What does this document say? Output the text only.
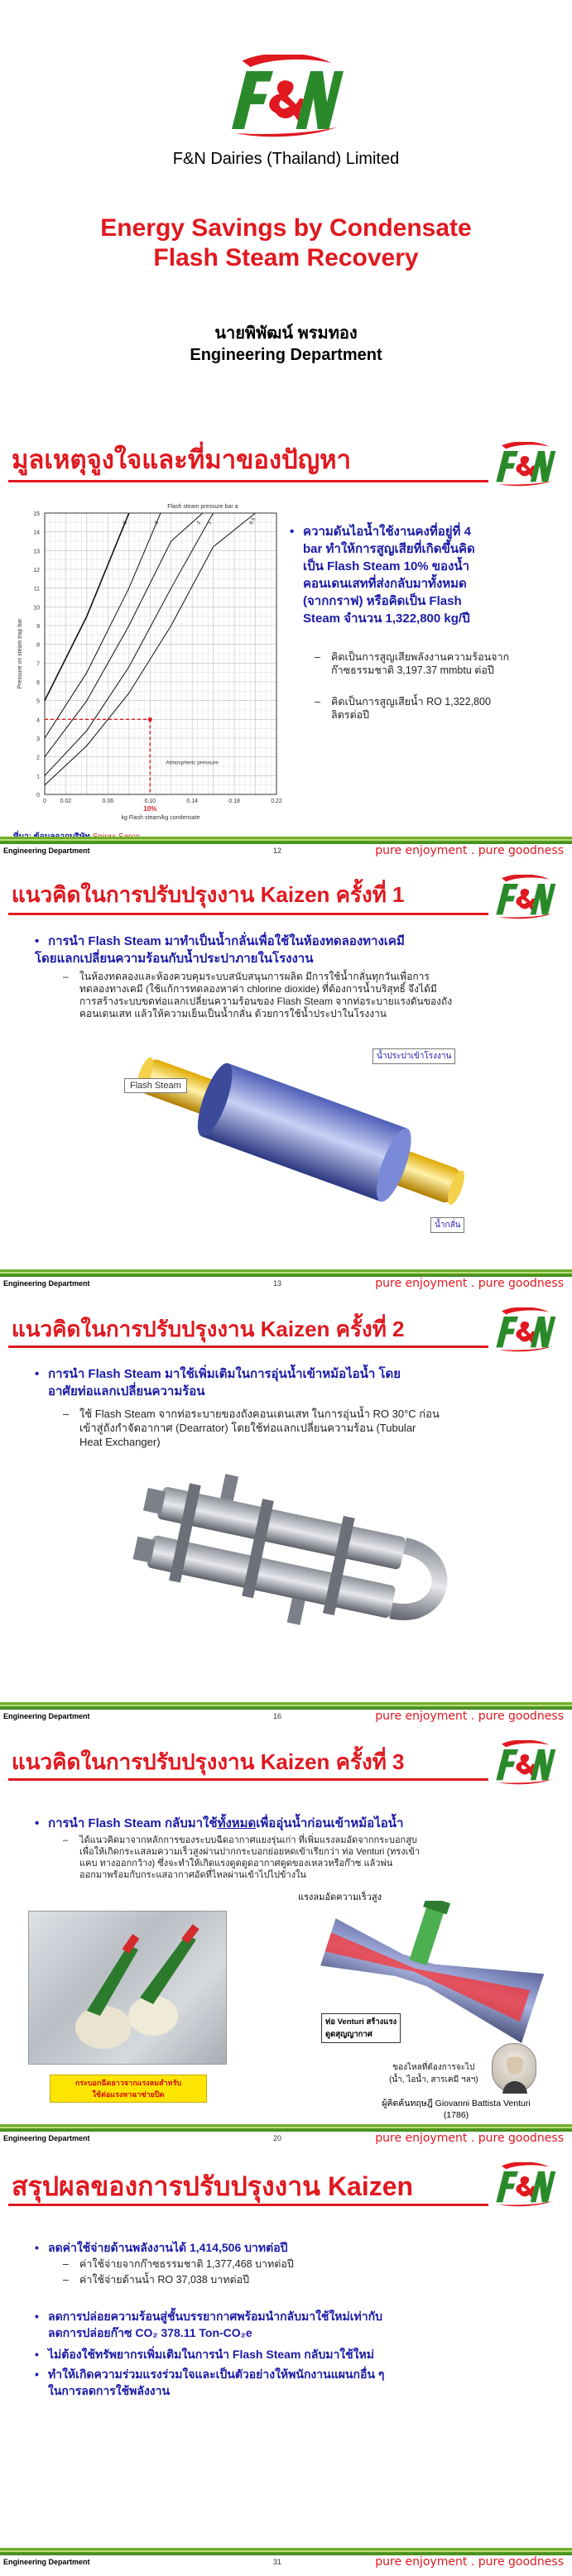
F&N Dairies (Thailand) Limited
Energy Savings by Condensate
Flash Steam Recovery
นายพิพัฒน์ พรมทอง
Engineering Department
มูลเหตุจูงใจและที่มาของปัญหา
0
1
2
3
4
5
6
7
8
9
10
11
12
13
14
15
0 0.02	0.06	0.10	0.14	0.18	0.22
kg Flash steam/kg condensate
Pressure on steam trap bar
Flash steam pressure bar a
0.5
1
2
3
5
Atmospheric pressure
10%
• ความดันไอน้ำใช้งานคงที่อยู่ที่ 4
bar ทำให้การสูญเสียที่เกิดขึ้นคิด
เป็น Flash Steam 10% ของน้ำ
คอนเดนเสทที่ส่งกลับมาทั้งหมด
(จากกราฟ) หรือคิดเป็น Flash
Steam จำนวน 1,322,800 kg/ปี
– คิดเป็นการสูญเสียพลังงานความร้อนจาก
ก๊าซธรรมชาติ 3,197.37 mmbtu ต่อปี
– คิดเป็นการสูญเสียน้ำ RO 1,322,800
ลิตรต่อปี
Engineering Department	12	pure enjoyment . pure goodness
แนวคิดในการปรับปรุงงาน Kaizen ครั้งที่ 1
• การนำ Flash Steam มาทำเป็นน้ำกลั่นเพื่อใช้ในห้องทดลองทางเคมี
โดยแลกเปลี่ยนความร้อนกับน้ำประปาภายในโรงงาน
– ในห้องทดลองและห้องควบคุมระบบสนับสนุนการผลิต มีการใช้น้ำกลั่นทุกวันเพื่อการ
ทดลองทางเคมี (ใช้แก้การทดลองหาค่า chlorine dioxide) ที่ต้องการน้ำบริสุทธิ์ จึงได้มี
การสร้างระบบขดท่อแลกเปลี่ยนความร้อนของ Flash Steam จากท่อระบายแรงดันของถัง
คอนเดนเสท แล้วให้ความเย็นเป็นน้ำกลั่น ด้วยการใช้น้ำประปาในโรงงาน
Flash Steam
น้ำประปาเข้าโรงงาน
น้ำกลั่น
Engineering Department	13	pure enjoyment . pure goodness
แนวคิดในการปรับปรุงงาน Kaizen ครั้งที่ 2
• การนำ Flash Steam มาใช้เพิ่มเติมในการอุ่นน้ำเข้าหม้อไอน้ำ โดย
อาศัยท่อแลกเปลี่ยนความร้อน
– ใช้ Flash Steam จากท่อระบายของถังคอนเดนเสท ในการอุ่นน้ำ RO 30°C ก่อน
เข้าสู่ถังกำจัดอากาศ (Dearrator) โดยใช้ท่อแลกเปลี่ยนความร้อน (Tubular
Heat Exchanger)
Engineering Department	16	pure enjoyment . pure goodness
แนวคิดในการปรับปรุงงาน Kaizen ครั้งที่ 3
• การนำ Flash Steam กลับมาใช้ทั้งหมดเพื่ออุ่นน้ำก่อนเข้าหม้อไอน้ำ
– ได้แนวคิดมาจากหลักการของระบบฉีดอากาศแยงรุ่นเก่า ที่เพิ่มแรงลมอัดจากกระบอกสูบ
เพื่อให้เกิดกระแสลมความเร็วสูงผ่านปากกระบอกย่อยหดเข้าเรียกว่า ท่อ Venturi (ทรงเข้า
แคบ ทางออกกว้าง) ซึ่งจะทำให้เกิดแรงดูดดูดอากาศดูดของเหลวหรือก๊าซ แล้วพ่น
ออกมาพร้อมกับกระแสอากาศอัดที่ไหลผ่านเข้าไปไปข้างใน
กระบอกฉีดยาวจากแรงลมสำหรับ
ใช้ต่อแรงหาฉาซ่ายปิด
แรงลมอัดความเร็วสูง
ท่อ Venturi สร้างแรง
ดูดสุญญากาศ
ของไหลที่ต้องการจะไป
(น้ำ, ไอน้ำ, สารเคมี ฯลฯ)
ผู้คิดค้นทฤษฎี Giovanni Battista Venturi
(1786)
Engineering Department	20	pure enjoyment . pure goodness
สรุปผลของการปรับปรุงงาน Kaizen
• ลดค่าใช้จ่ายด้านพลังงานได้ 1,414,506 บาทต่อปี
–	ค่าใช้จ่ายจากก๊าซธรรมชาติ 1,377,468 บาทต่อปี
–	ค่าใช้จ่ายด้านน้ำ RO 37,038 บาทต่อปี
• ลดการปล่อยความร้อนสู่ชั้นบรรยากาศพร้อมนำกลับมาใช้ใหม่เท่ากับ
ลดการปล่อยก๊าซ CO₂ 378.11 Ton-CO₂e
• ไม่ต้องใช้ทรัพยากรเพิ่มเติมในการนำ Flash Steam กลับมาใช้ใหม่
• ทำให้เกิดความร่วมแรงร่วมใจและเป็นตัวอย่างให้พนักงานแผนกอื่น ๆ
ในการลดการใช้พลังงาน
Engineering Department	31	pure enjoyment . pure goodness
